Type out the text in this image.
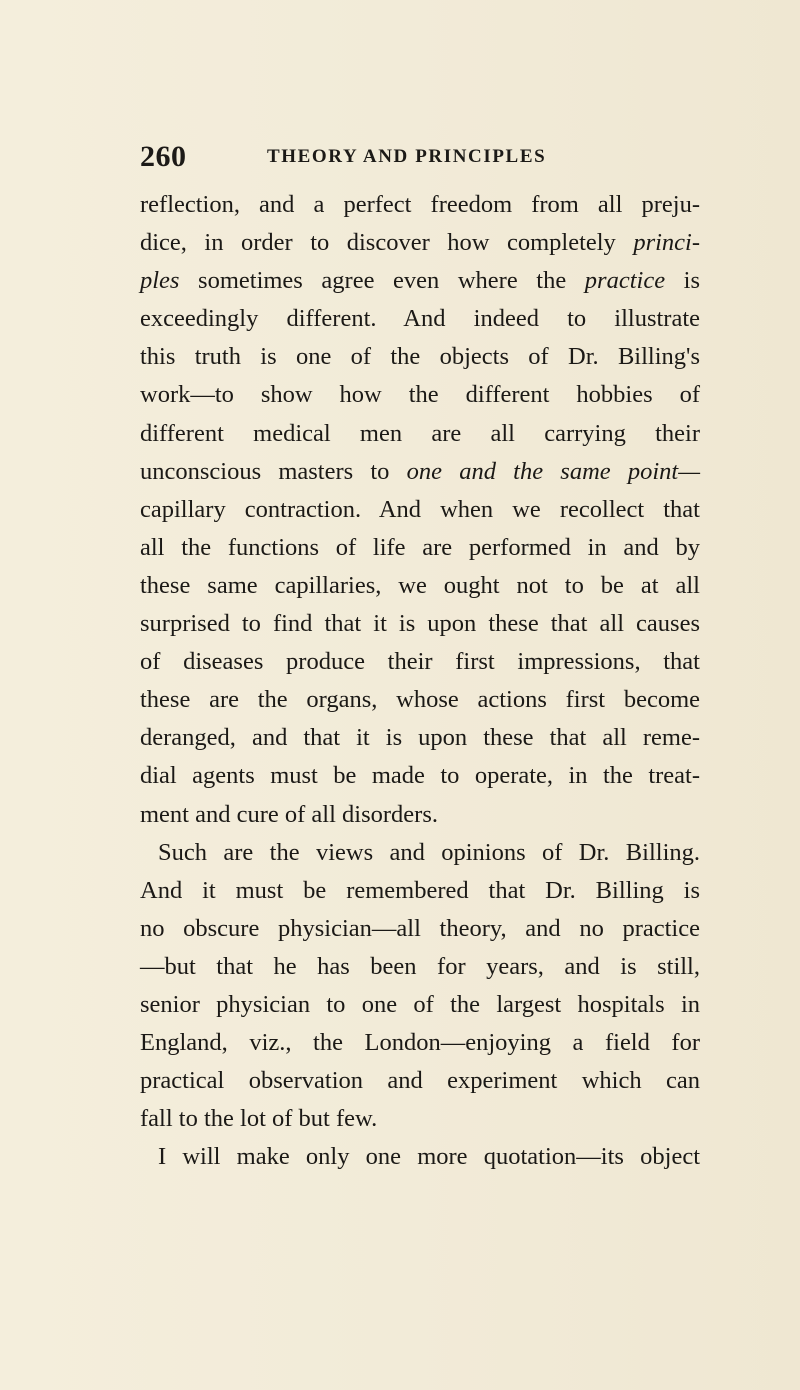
260	THEORY AND PRINCIPLES
reflection, and a perfect freedom from all preju-
dice, in order to discover how completely princi-
ples sometimes agree even where the practice is
exceedingly different. And indeed to illustrate
this truth is one of the objects of Dr. Billing's
work—to show how the different hobbies of
different medical men are all carrying their
unconscious masters to one and the same point—
capillary contraction. And when we recollect that
all the functions of life are performed in and by
these same capillaries, we ought not to be at all
surprised to find that it is upon these that all causes
of diseases produce their first impressions, that
these are the organs, whose actions first become
deranged, and that it is upon these that all reme-
dial agents must be made to operate, in the treat-
ment and cure of all disorders.
Such are the views and opinions of Dr. Billing.
And it must be remembered that Dr. Billing is
no obscure physician—all theory, and no practice
—but that he has been for years, and is still,
senior physician to one of the largest hospitals in
England, viz., the London—enjoying a field for
practical observation and experiment which can
fall to the lot of but few.
I will make only one more quotation—its object
